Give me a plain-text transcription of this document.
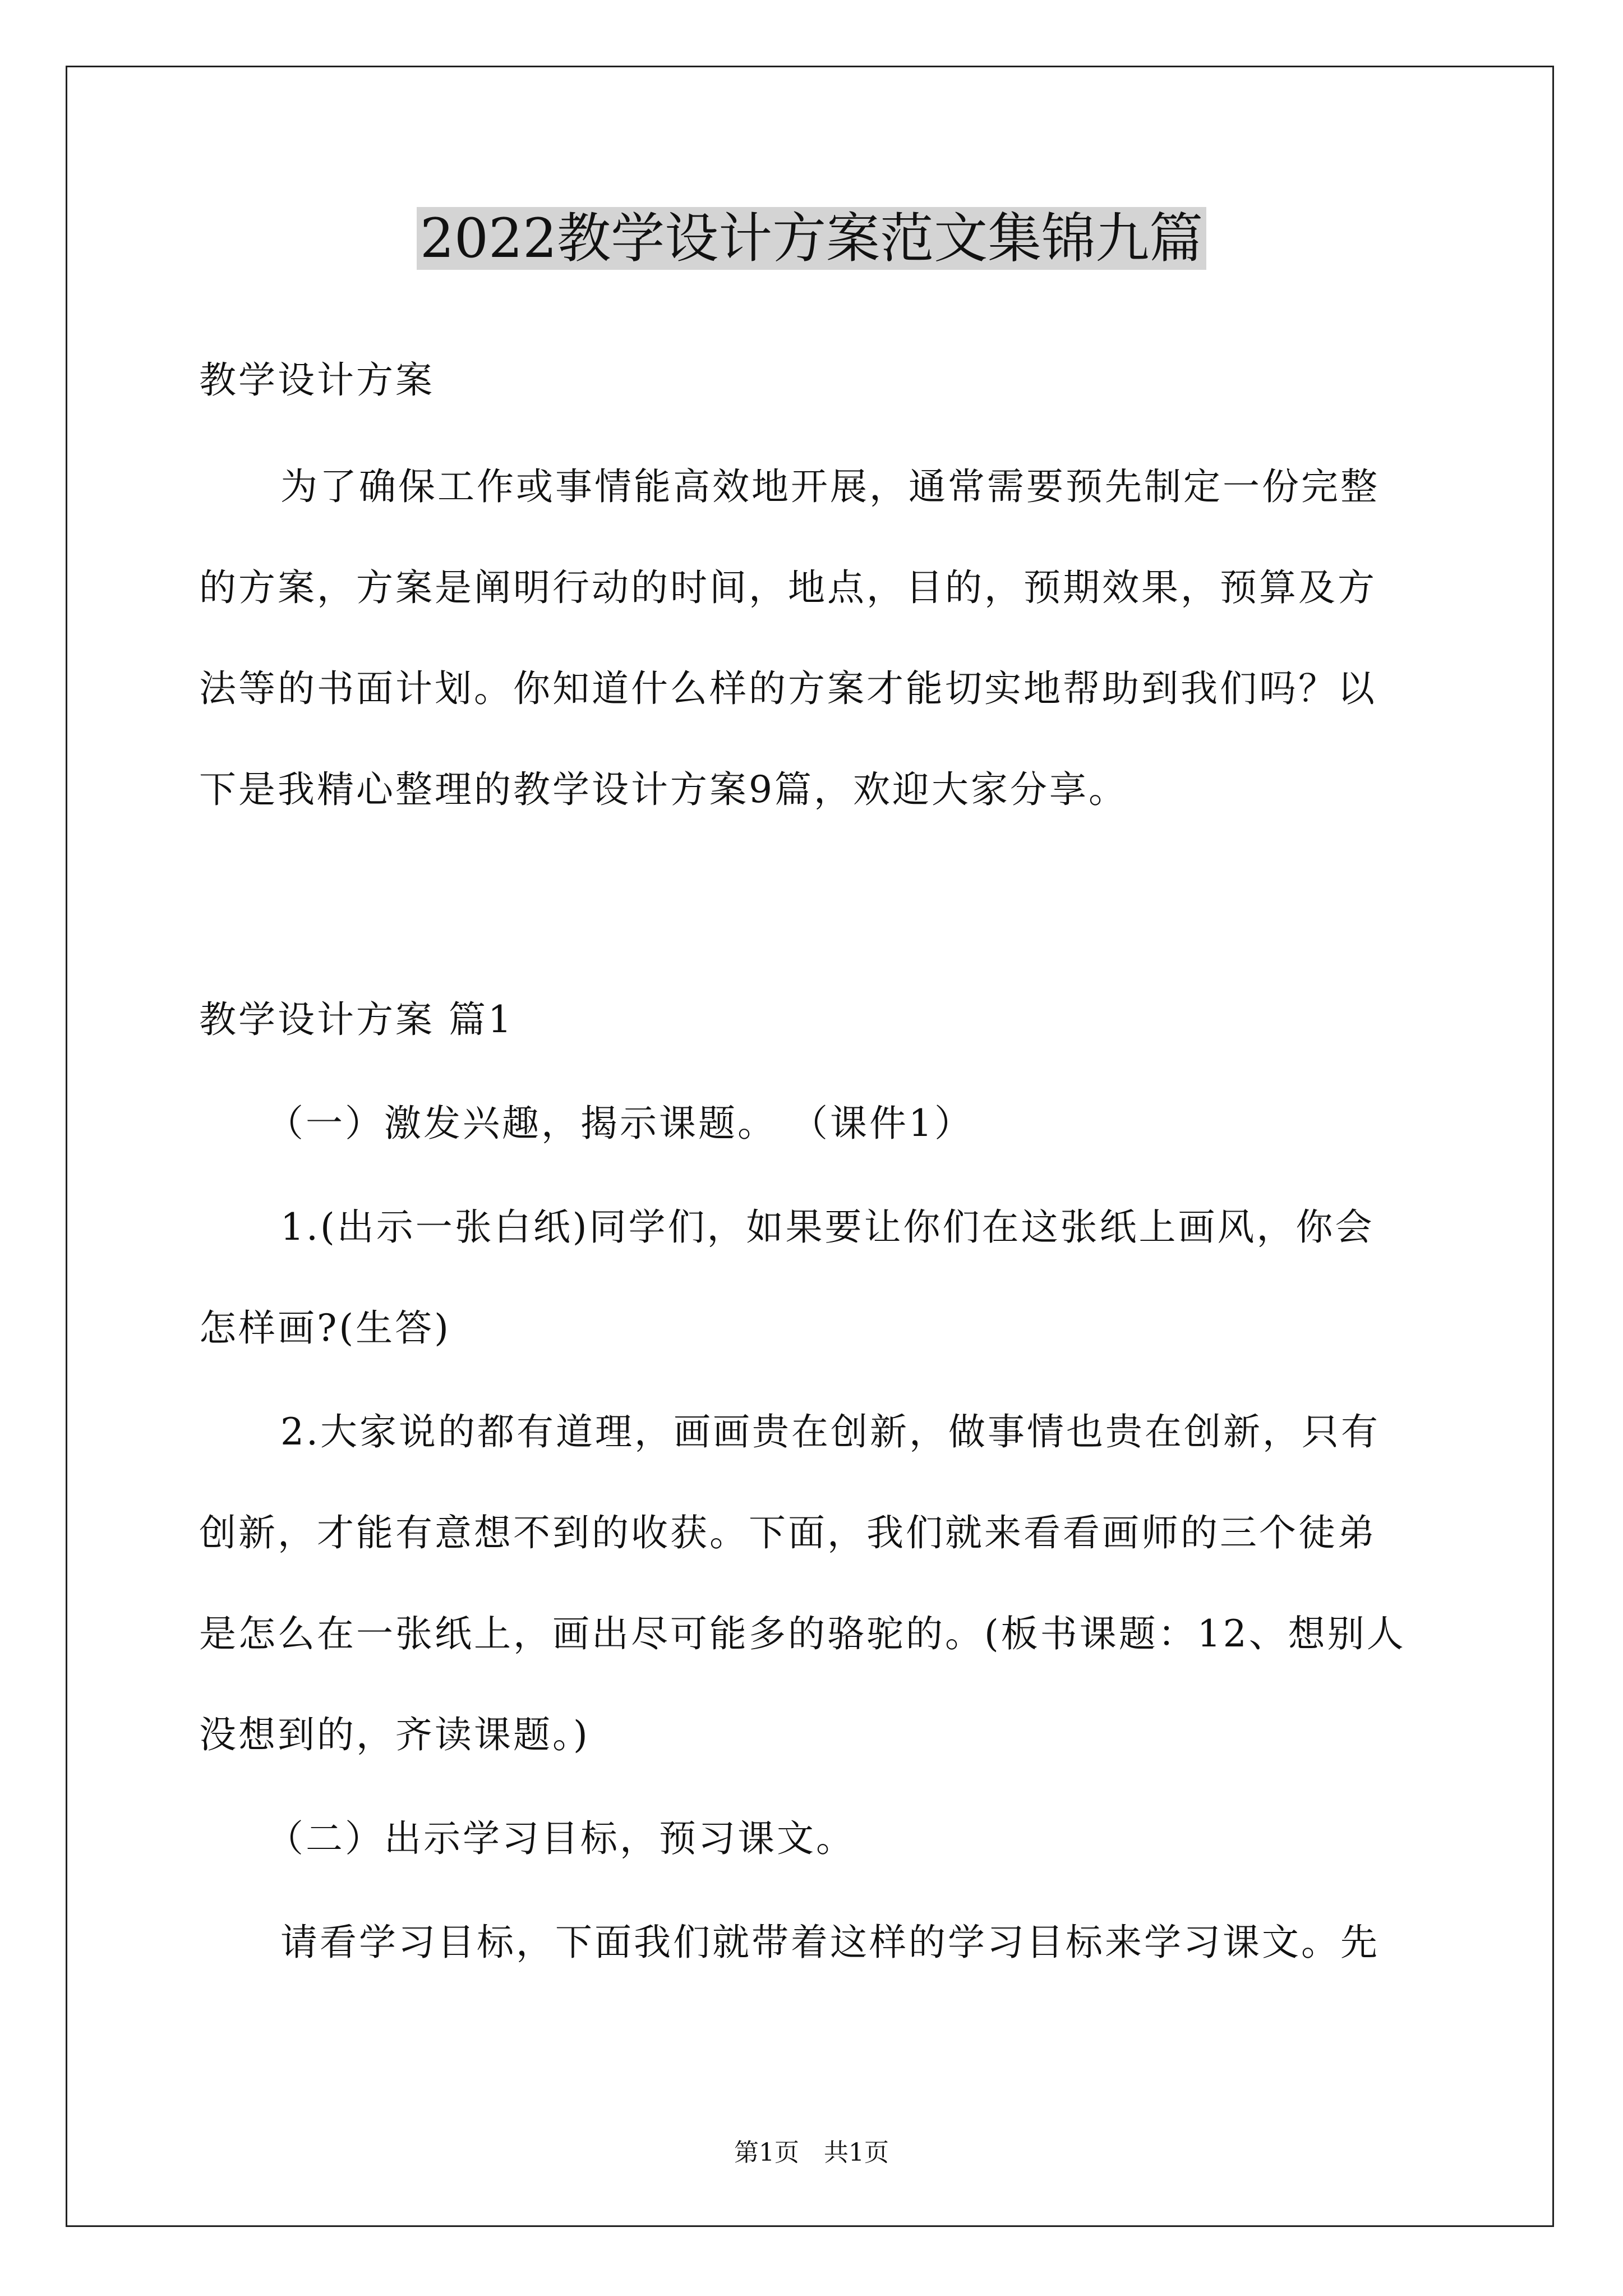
2022教学设计方案范文集锦九篇
教学设计方案
为了确保工作或事情能高效地开展，通常需要预先制定一份完整
的方案，方案是阐明行动的时间，地点，目的，预期效果，预算及方
法等的书面计划。你知道什么样的方案才能切实地帮助到我们吗？以
下是我精心整理的教学设计方案9篇，欢迎大家分享。
教学设计方案 篇1
（一）激发兴趣，揭示课题。 （课件1）
1.(出示一张白纸)同学们，如果要让你们在这张纸上画风，你会
怎样画?(生答)
2.大家说的都有道理，画画贵在创新，做事情也贵在创新，只有
创新，才能有意想不到的收获。下面，我们就来看看画师的三个徒弟
是怎么在一张纸上，画出尽可能多的骆驼的。(板书课题：12、想别人
没想到的，齐读课题。)
（二）出示学习目标，预习课文。
请看学习目标，下面我们就带着这样的学习目标来学习课文。先
第1页　共1页
